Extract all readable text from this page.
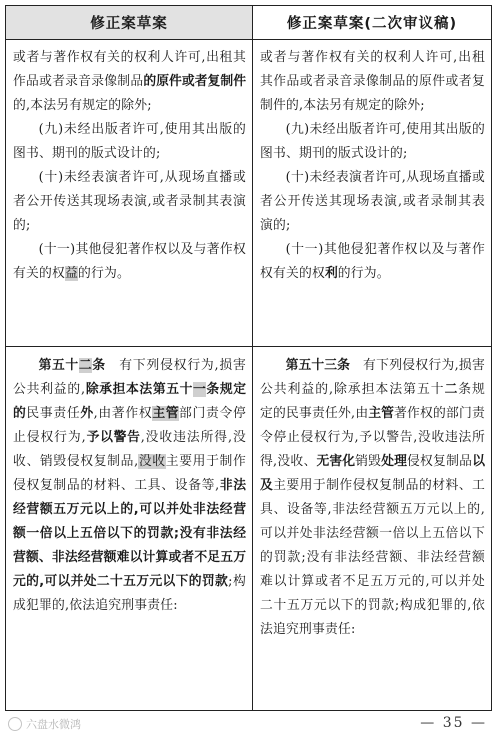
修正案草案	修正案草案(二次审议稿)

或者与著作权有关的权利人许可,出租其作品或者录音录像制品的原件或者复制件的,本法另有规定的除外;

(九)未经出版者许可,使用其出版的图书、期刊的版式设计的;

(十)未经表演者许可,从现场直播或者公开传送其现场表演,或者录制其表演的;

(十一)其他侵犯著作权以及与著作权有关的权益的行为。

或者与著作权有关的权利人许可,出租其作品或者录音录像制品的原件或者复制件的,本法另有规定的除外;

(九)未经出版者许可,使用其出版的图书、期刊的版式设计的;

(十)未经表演者许可,从现场直播或者公开传送其现场表演,或者录制其表演的;

(十一)其他侵犯著作权以及与著作权有关的权利的行为。

第五十二条　有下列侵权行为,损害公共利益的,除承担本法第五十一条规定的民事责任外,由著作权主管部门责令停止侵权行为,予以警告,没收违法所得,没收、销毁侵权复制品,没收主要用于制作侵权复制品的材料、工具、设备等,非法经营额五万元以上的,可以并处非法经营额一倍以上五倍以下的罚款;没有非法经营额、非法经营额难以计算或者不足五万元的,可以并处二十五万元以下的罚款;构成犯罪的,依法追究刑事责任:

第五十三条　有下列侵权行为,损害公共利益的,除承担本法第五十二条规定的民事责任外,由主管著作权的部门责令停止侵权行为,予以警告,没收违法所得,没收、无害化销毁处理侵权复制品以及主要用于制作侵权复制品的材料、工具、设备等,非法经营额五万元以上的,可以并处非法经营额一倍以上五倍以下的罚款;没有非法经营额、非法经营额难以计算或者不足五万元的,可以并处二十五万元以下的罚款;构成犯罪的,依法追究刑事责任:

六盘水微鸿	— 35 —
